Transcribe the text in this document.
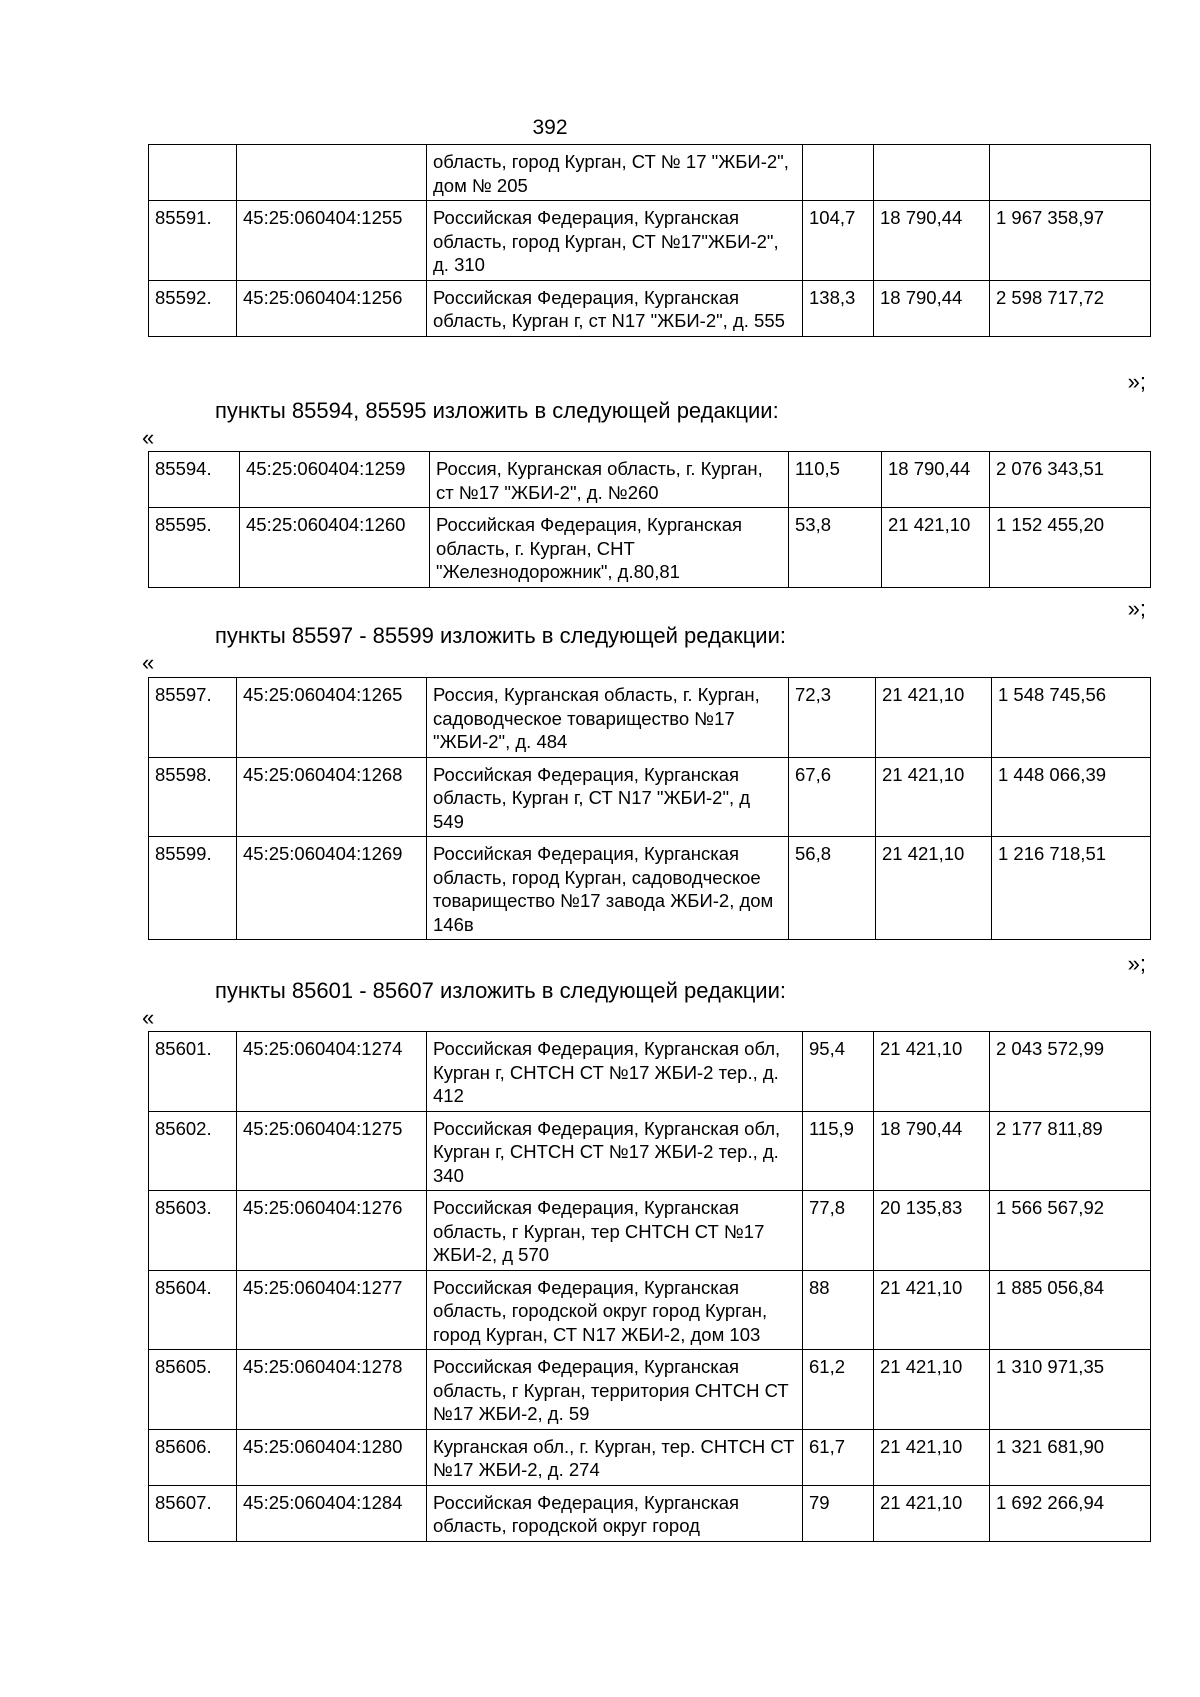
392
		область, город Курган, СТ № 17 "ЖБИ-2", дом № 205			
85591.	45:25:060404:1255	Российская Федерация, Курганская область, город Курган, СТ №17"ЖБИ-2", д. 310	104,7	18 790,44	1 967 358,97
85592.	45:25:060404:1256	Российская Федерация, Курганская область, Курган г, ст N17 "ЖБИ-2", д. 555	138,3	18 790,44	2 598 717,72
»;
пункты 85594, 85595 изложить в следующей редакции:
«
85594.	45:25:060404:1259	Россия, Курганская область, г. Курган, ст №17 "ЖБИ-2", д. №260	110,5	18 790,44	2 076 343,51
85595.	45:25:060404:1260	Российская Федерация, Курганская область, г. Курган, СНТ "Железнодорожник", д.80,81	53,8	21 421,10	1 152 455,20
»;
пункты 85597 - 85599 изложить в следующей редакции:
«
85597.	45:25:060404:1265	Россия, Курганская область, г. Курган, садоводческое товарищество №17 "ЖБИ-2", д. 484	72,3	21 421,10	1 548 745,56
85598.	45:25:060404:1268	Российская Федерация, Курганская область, Курган г, СТ N17 "ЖБИ-2", д 549	67,6	21 421,10	1 448 066,39
85599.	45:25:060404:1269	Российская Федерация, Курганская область, город Курган, садоводческое товарищество №17 завода ЖБИ-2, дом 146в	56,8	21 421,10	1 216 718,51
»;
пункты 85601 - 85607 изложить в следующей редакции:
«
85601.	45:25:060404:1274	Российская Федерация, Курганская обл, Курган г, СНТСН СТ №17 ЖБИ-2 тер., д. 412	95,4	21 421,10	2 043 572,99
85602.	45:25:060404:1275	Российская Федерация, Курганская обл, Курган г, СНТСН СТ №17 ЖБИ-2 тер., д. 340	115,9	18 790,44	2 177 811,89
85603.	45:25:060404:1276	Российская Федерация, Курганская область, г Курган, тер СНТСН СТ №17 ЖБИ-2, д 570	77,8	20 135,83	1 566 567,92
85604.	45:25:060404:1277	Российская Федерация, Курганская область, городской округ город Курган, город Курган, СТ N17 ЖБИ-2, дом 103	88	21 421,10	1 885 056,84
85605.	45:25:060404:1278	Российская Федерация, Курганская область, г Курган, территория СНТСН СТ №17 ЖБИ-2, д. 59	61,2	21 421,10	1 310 971,35
85606.	45:25:060404:1280	Курганская обл., г. Курган, тер. СНТСН СТ №17 ЖБИ-2, д. 274	61,7	21 421,10	1 321 681,90
85607.	45:25:060404:1284	Российская Федерация, Курганская область, городской округ город	79	21 421,10	1 692 266,94
